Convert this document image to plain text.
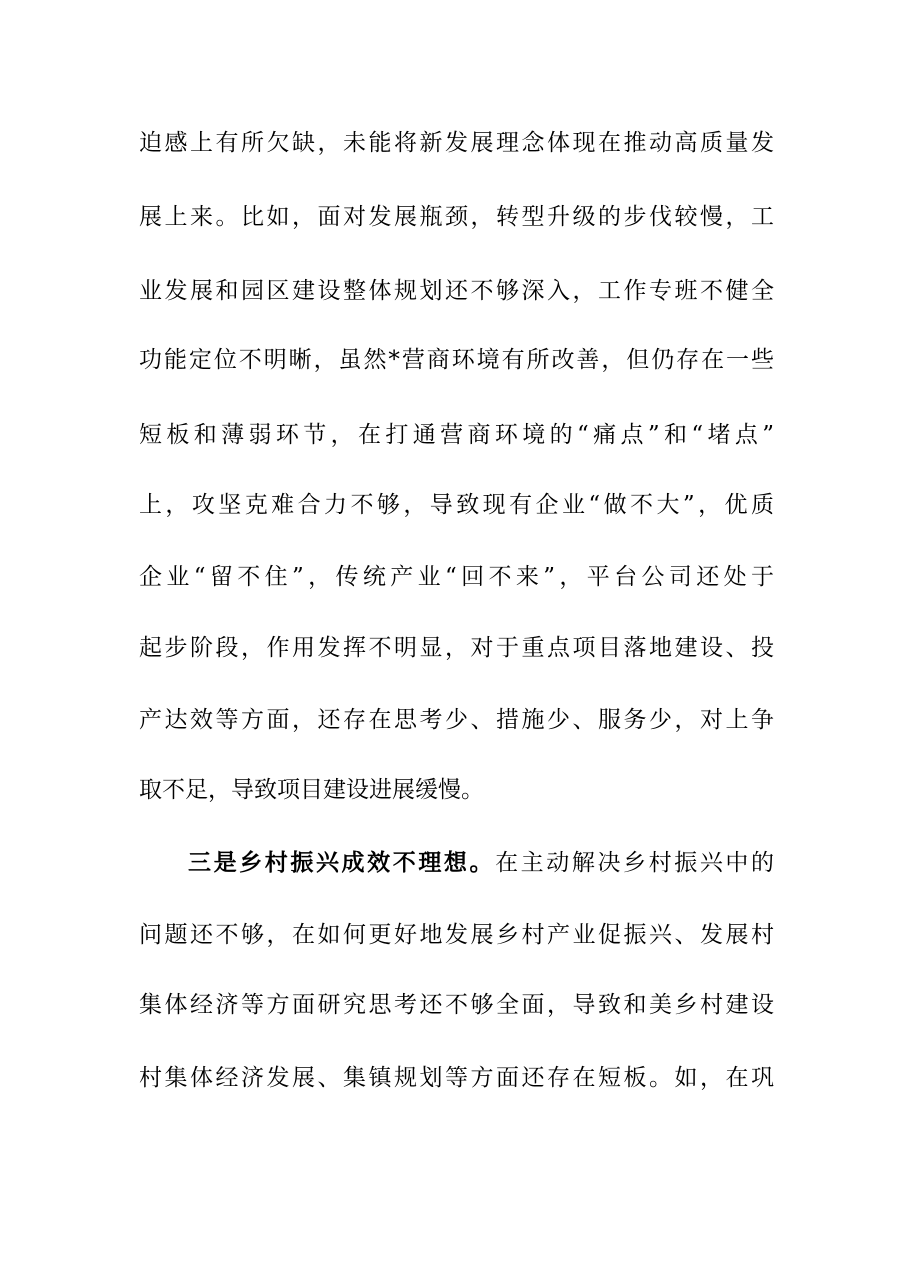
迫感上有所欠缺，未能将新发展理念体现在推动高质量发
展上来。比如，面对发展瓶颈，转型升级的步伐较慢，工
业发展和园区建设整体规划还不够深入，工作专班不健全
功能定位不明晰，虽然*营商环境有所改善，但仍存在一些
短板和薄弱环节，在打通营商环境的“痛点”和“堵点”
上，攻坚克难合力不够，导致现有企业“做不大”，优质
企业“留不住”，传统产业“回不来”，平台公司还处于
起步阶段，作用发挥不明显，对于重点项目落地建设、投
产达效等方面，还存在思考少、措施少、服务少，对上争
取不足，导致项目建设进展缓慢。
三是乡村振兴成效不理想。在主动解决乡村振兴中的
问题还不够，在如何更好地发展乡村产业促振兴、发展村
集体经济等方面研究思考还不够全面，导致和美乡村建设
村集体经济发展、集镇规划等方面还存在短板。如，在巩
